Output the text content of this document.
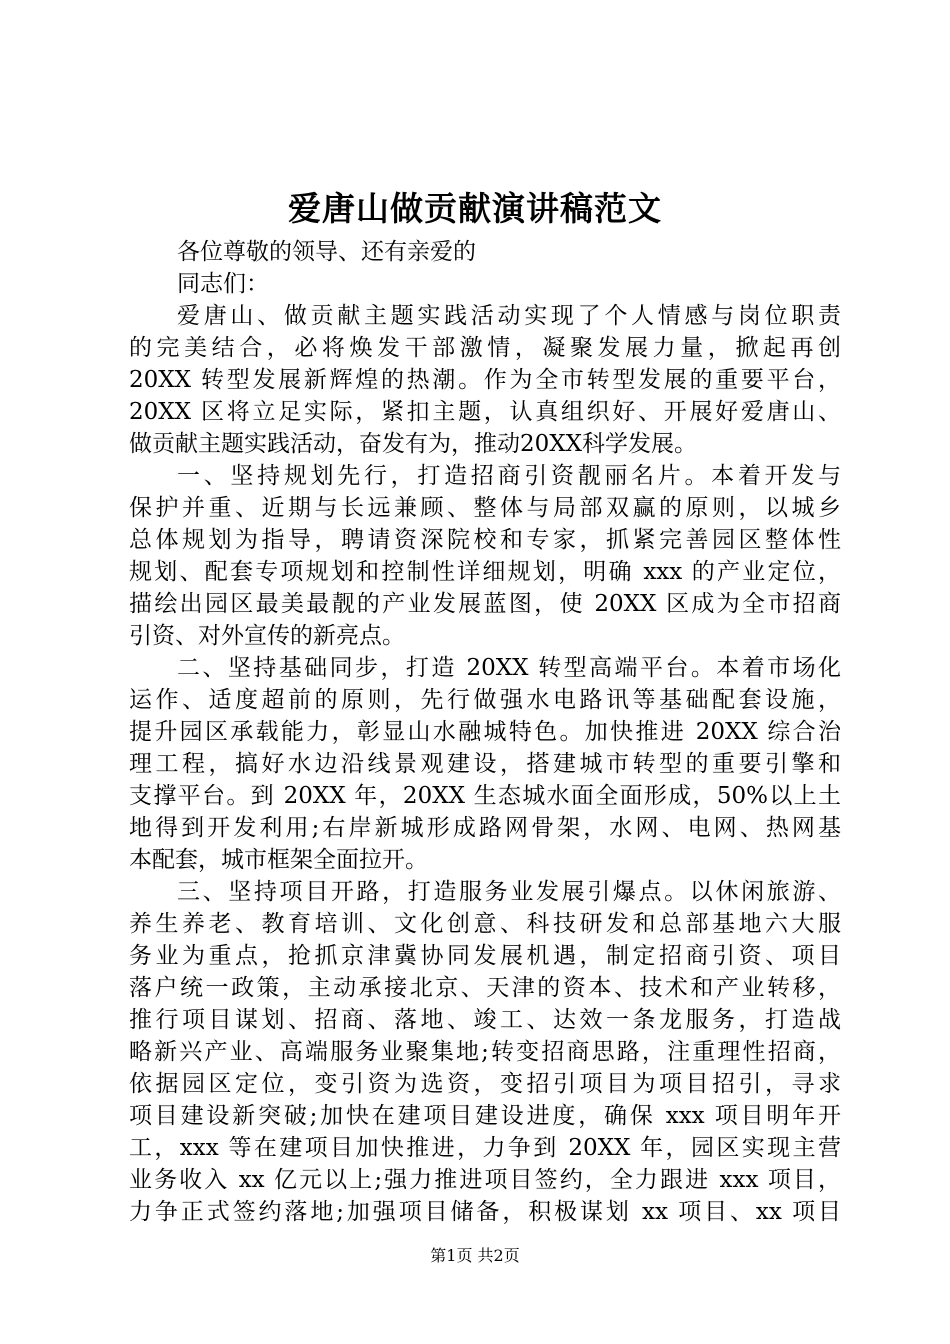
爱唐山做贡献演讲稿范文
各位尊敬的领导、还有亲爱的
同志们：
爱唐山、做贡献主题实践活动实现了个人情感与岗位职责
的完美结合，必将焕发干部激情，凝聚发展力量，掀起再创
20XX 转型发展新辉煌的热潮。作为全市转型发展的重要平台，
20XX 区将立足实际，紧扣主题，认真组织好、开展好爱唐山、
做贡献主题实践活动，奋发有为，推动20XX科学发展。
一、坚持规划先行，打造招商引资靓丽名片。本着开发与
保护并重、近期与长远兼顾、整体与局部双赢的原则，以城乡
总体规划为指导，聘请资深院校和专家，抓紧完善园区整体性
规划、配套专项规划和控制性详细规划，明确 xxx 的产业定位，
描绘出园区最美最靓的产业发展蓝图，使 20XX 区成为全市招商
引资、对外宣传的新亮点。
二、坚持基础同步，打造 20XX 转型高端平台。本着市场化
运作、适度超前的原则，先行做强水电路讯等基础配套设施，
提升园区承载能力，彰显山水融城特色。加快推进 20XX 综合治
理工程，搞好水边沿线景观建设，搭建城市转型的重要引擎和
支撑平台。到 20XX 年，20XX 生态城水面全面形成，50%以上土
地得到开发利用;右岸新城形成路网骨架，水网、电网、热网基
本配套，城市框架全面拉开。
三、坚持项目开路，打造服务业发展引爆点。以休闲旅游、
养生养老、教育培训、文化创意、科技研发和总部基地六大服
务业为重点，抢抓京津冀协同发展机遇，制定招商引资、项目
落户统一政策，主动承接北京、天津的资本、技术和产业转移，
推行项目谋划、招商、落地、竣工、达效一条龙服务，打造战
略新兴产业、高端服务业聚集地;转变招商思路，注重理性招商，
依据园区定位，变引资为选资，变招引项目为项目招引，寻求
项目建设新突破;加快在建项目建设进度，确保 xxx 项目明年开
工，xxx 等在建项目加快推进，力争到 20XX 年，园区实现主营
业务收入 xx 亿元以上;强力推进项目签约，全力跟进 xxx 项目，
力争正式签约落地;加强项目储备，积极谋划 xx 项目、xx 项目
第1页 共2页
